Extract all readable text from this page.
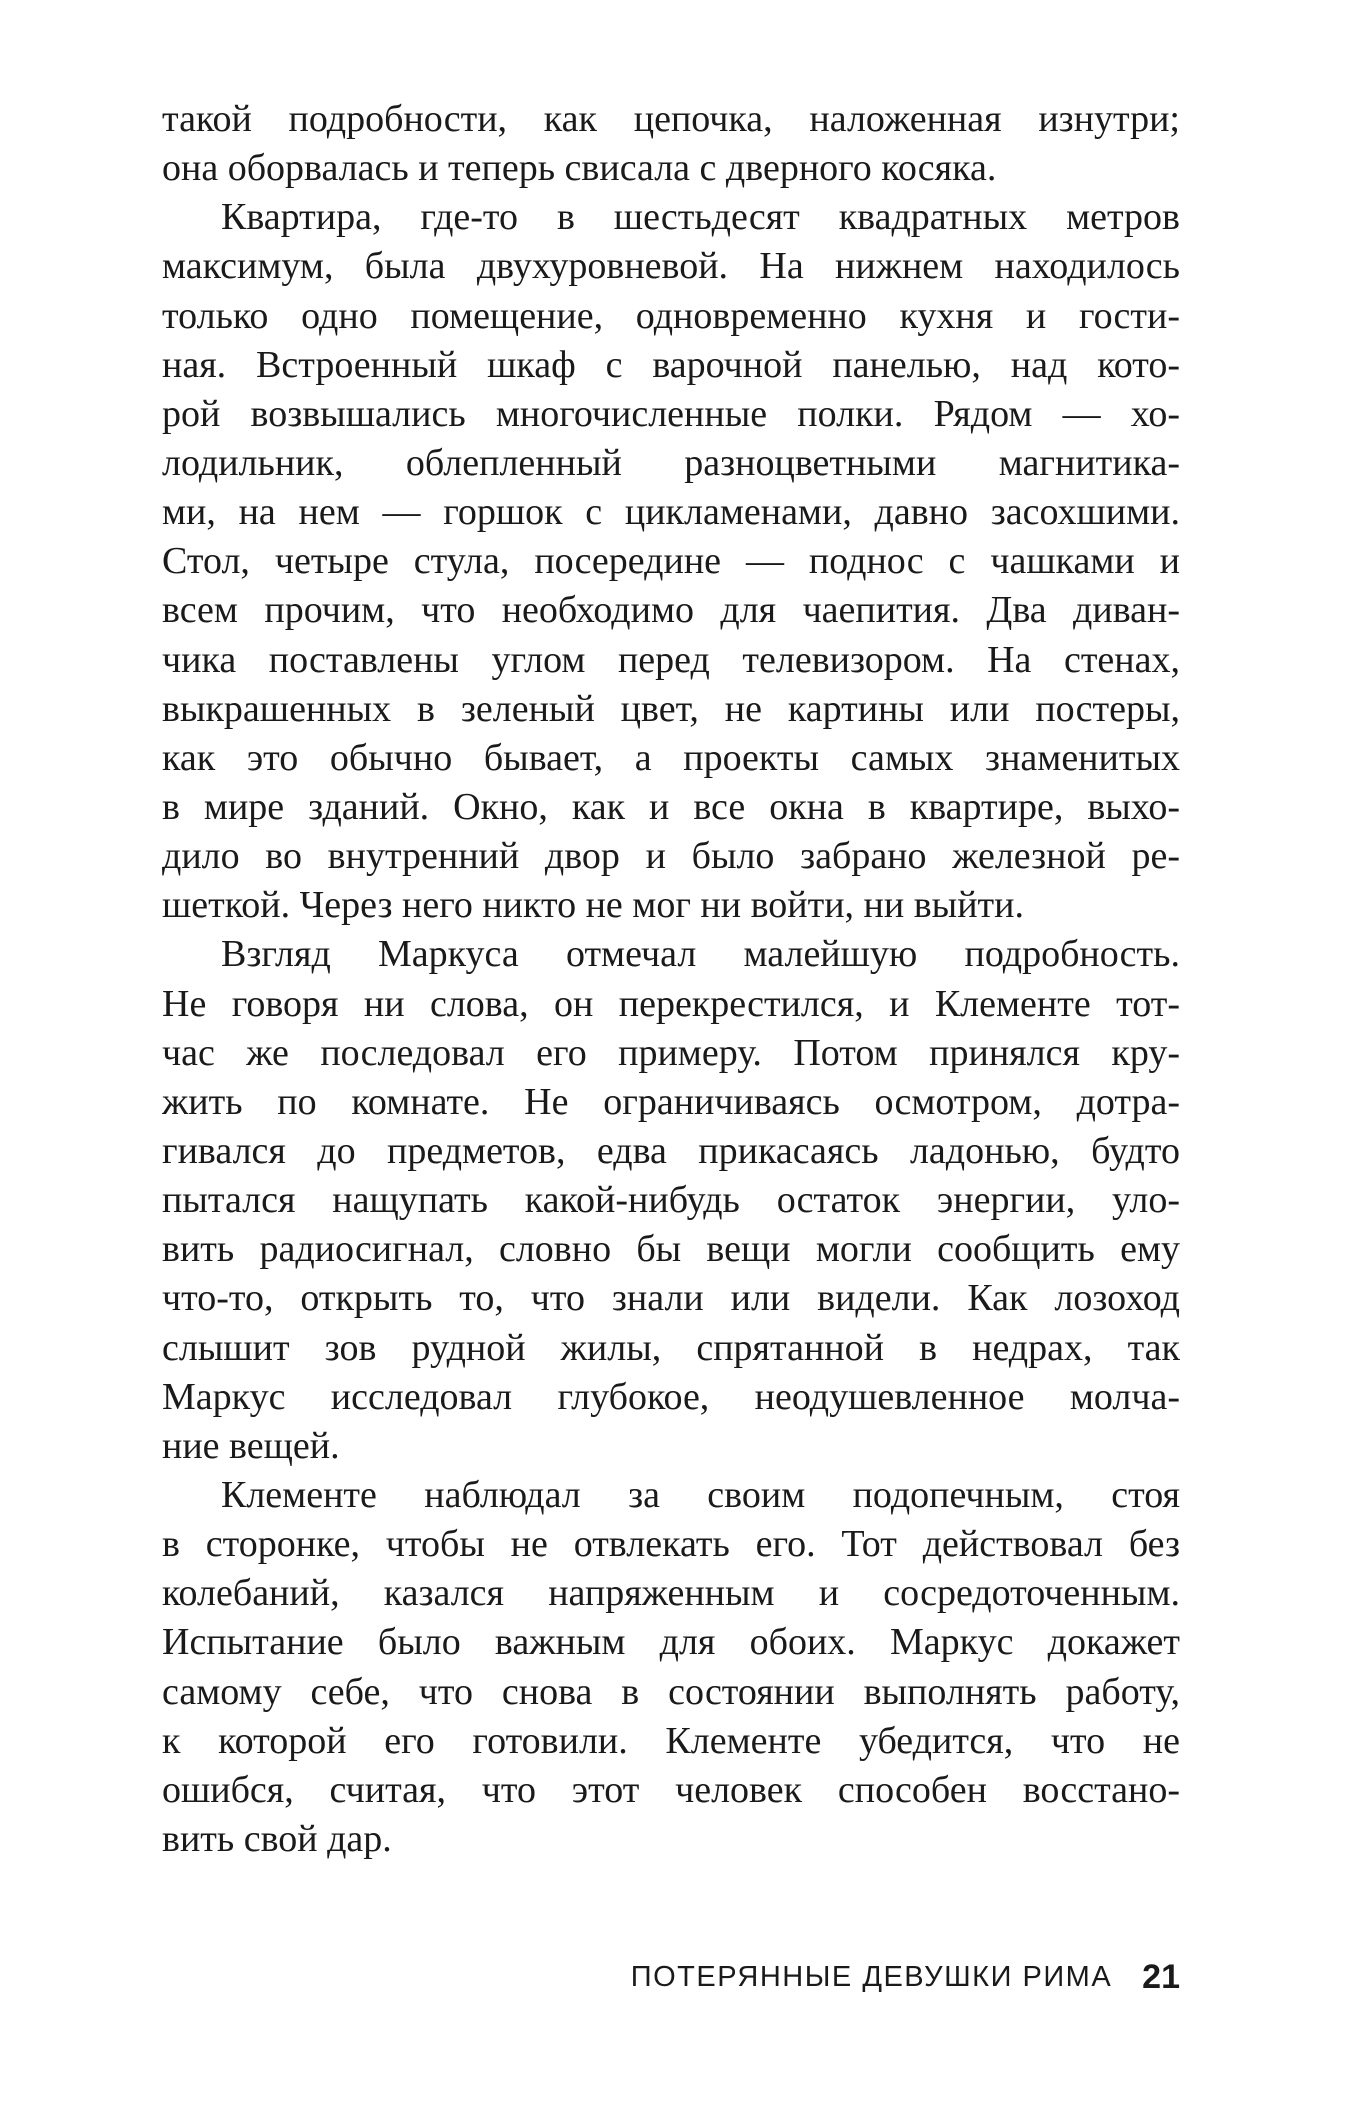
такой подробности, как цепочка, наложенная изнутри;
она оборвалась и теперь свисала с дверного косяка.
Квартира, где-то в шестьдесят квадратных метров
максимум, была двухуровневой. На нижнем находилось
только одно помещение, одновременно кухня и гости-
ная. Встроенный шкаф с варочной панелью, над кото-
рой возвышались многочисленные полки. Рядом — хо-
лодильник, облепленный разноцветными магнитика-
ми, на нем — горшок с цикламенами, давно засохшими.
Стол, четыре стула, посередине — поднос с чашками и
всем прочим, что необходимо для чаепития. Два диван-
чика поставлены углом перед телевизором. На стенах,
выкрашенных в зеленый цвет, не картины или постеры,
как это обычно бывает, а проекты самых знаменитых
в мире зданий. Окно, как и все окна в квартире, выхо-
дило во внутренний двор и было забрано железной ре-
шеткой. Через него никто не мог ни войти, ни выйти.
Взгляд Маркуса отмечал малейшую подробность.
Не говоря ни слова, он перекрестился, и Клементе тот-
час же последовал его примеру. Потом принялся кру-
жить по комнате. Не ограничиваясь осмотром, дотра-
гивался до предметов, едва прикасаясь ладонью, будто
пытался нащупать какой-нибудь остаток энергии, уло-
вить радиосигнал, словно бы вещи могли сообщить ему
что-то, открыть то, что знали или видели. Как лозоход
слышит зов рудной жилы, спрятанной в недрах, так
Маркус исследовал глубокое, неодушевленное молча-
ние вещей.
Клементе наблюдал за своим подопечным, стоя
в сторонке, чтобы не отвлекать его. Тот действовал без
колебаний, казался напряженным и сосредоточенным.
Испытание было важным для обоих. Маркус докажет
самому себе, что снова в состоянии выполнять работу,
к которой его готовили. Клементе убедится, что не
ошибся, считая, что этот человек способен восстано-
вить свой дар.
ПОТЕРЯННЫЕ ДЕВУШКИ РИМА 21
